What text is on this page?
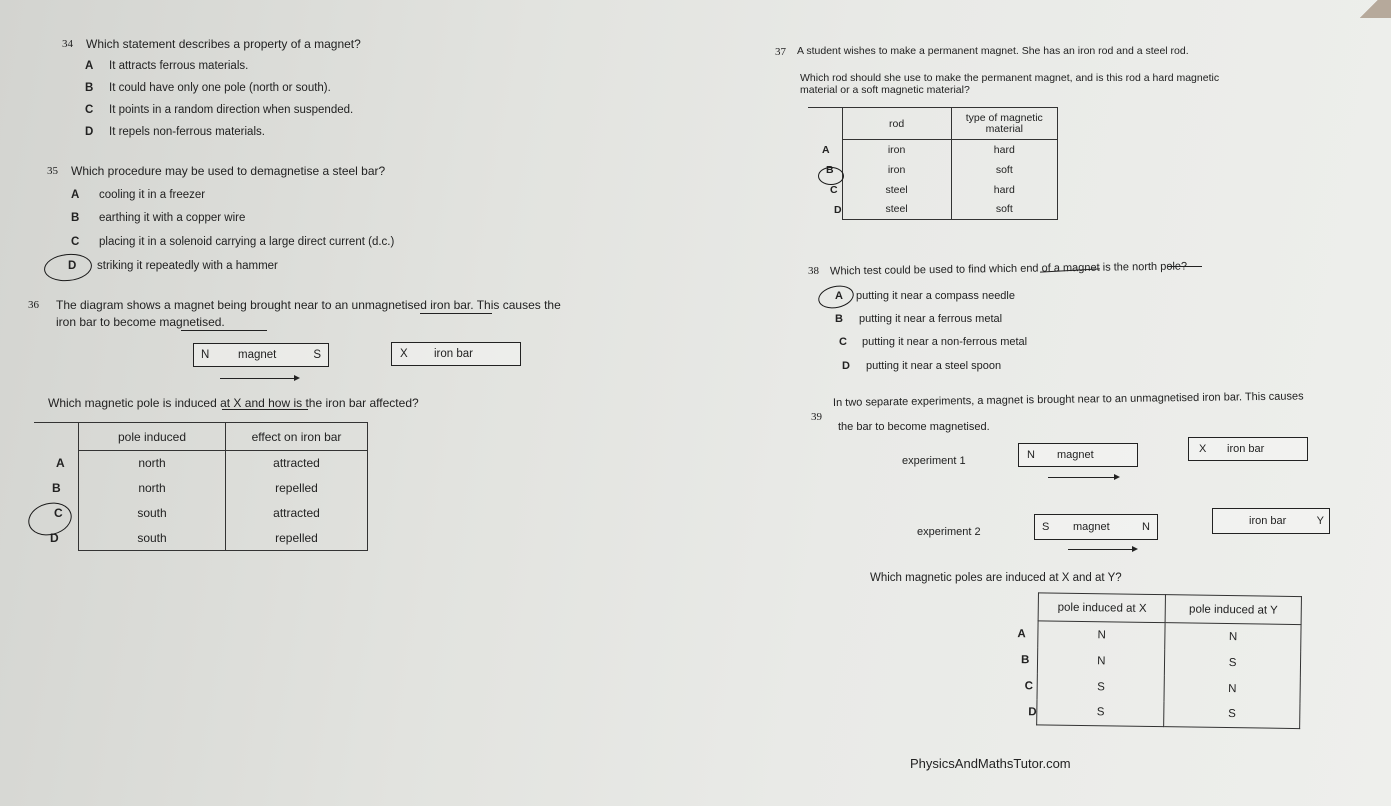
34 Which statement describes a property of a magnet?
A It attracts ferrous materials.
B It could have only one pole (north or south).
C It points in a random direction when suspended.
D It repels non-ferrous materials.
35 Which procedure may be used to demagnetise a steel bar?
A cooling it in a freezer
B earthing it with a copper wire
C placing it in a solenoid carrying a large direct current (d.c.)
D striking it repeatedly with a hammer
36 The diagram shows a magnet being brought near to an unmagnetised iron bar. This causes the
iron bar to become magnetised.
N magnet	S	X iron bar
Which magnetic pole is induced at X and how is the iron bar affected?
	pole induced	effect on iron bar
A	north	attracted
B	north	repelled
C	south	attracted
D	south	repelled
37 A student wishes to make a permanent magnet. She has an iron rod and a steel rod.
Which rod should she use to make the permanent magnet, and is this rod a hard magnetic
material or a soft magnetic material?
	rod	type of magnetic
material

A	iron	hard
B	iron	soft
C	steel	hard
D	steel	soft
38 Which test could be used to find which end of a magnet is the north pole?
A putting it near a compass needle
B putting it near a ferrous metal
C putting it near a non-ferrous metal
D putting it near a steel spoon
39
In two separate experiments, a magnet is brought near to an unmagnetised iron bar. This causes
the bar to become magnetised.
experiment 1	N magnet	X iron bar
experiment 2	S magnet	N	iron bar	Y
Which magnetic poles are induced at X and at Y?
	pole induced at X	pole induced at Y
A	N	N
B	N	S
C	S	N
D	S	S
PhysicsAndMathsTutor.com
